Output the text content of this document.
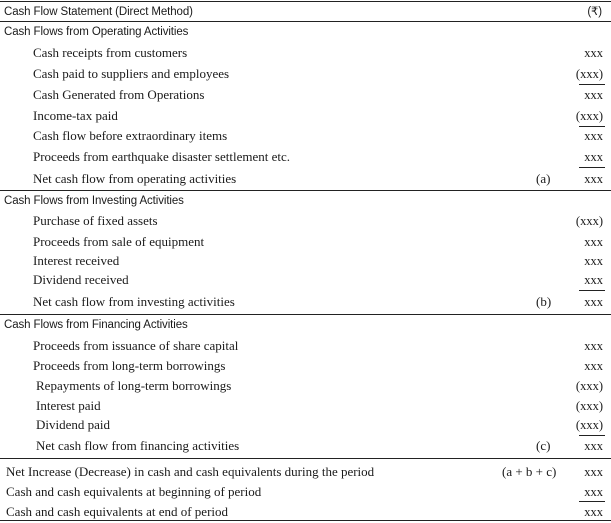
Cash Flow Statement (Direct Method)	(₹)
Cash Flows from Operating Activities
Cash receipts from customers	xxx
Cash paid to suppliers and employees	(xxx)
Cash Generated from Operations	xxx
Income-tax paid	(xxx)
Cash flow before extraordinary items	xxx
Proceeds from earthquake disaster settlement etc.	xxx
Net cash flow from operating activities	(a)	xxx
Cash Flows from Investing Activities
Purchase of fixed assets	(xxx)
Proceeds from sale of equipment	xxx
Interest received	xxx
Dividend received	xxx
Net cash flow from investing activities	(b)	xxx
Cash Flows from Financing Activities
Proceeds from issuance of share capital	xxx
Proceeds from long-term borrowings	xxx
Repayments of long-term borrowings	(xxx)
Interest paid	(xxx)
Dividend paid	(xxx)
Net cash flow from financing activities	(c)	xxx
Net Increase (Decrease) in cash and cash equivalents during the period	(a + b + c) xxx
Cash and cash equivalents at beginning of period	xxx
Cash and cash equivalents at end of period	xxx
